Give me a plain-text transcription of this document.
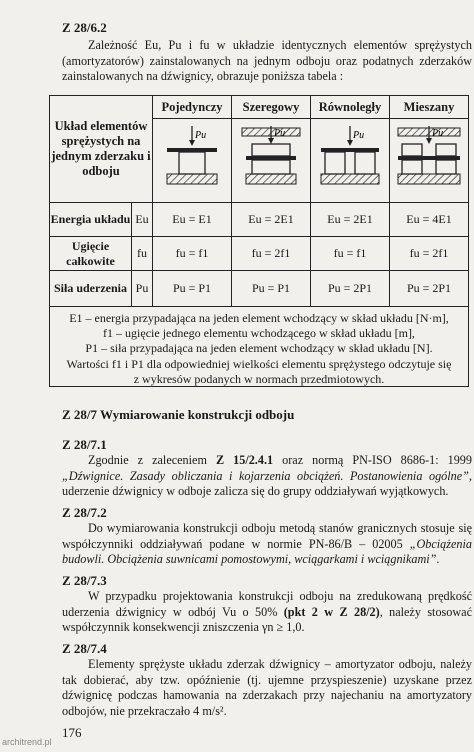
Z 28/6.2
Zależność Eu, Pu i fu w układzie identycznych elementów sprężystych (amortyzatorów) zainstalowanych na jednym odboju oraz podatnych zderzaków zainstalowanych na dźwignicy, obrazuje poniższa tabela :
Układ elementów sprężystych na jednym zderzaku i odboju		Pojedynczy	Szeregowy	Równoległy	Mieszany

Pu	Pu	Pu	Pu

Energia układu	Eu	Eu = E1	Eu = 2E1	Eu = 2E1	Eu = 4E1
Ugięcie całkowite	fu	fu = f1	fu = 2f1	fu = f1	fu = 2f1
Siła uderzenia	Pu	Pu = P1	Pu = P1	Pu = 2P1	Pu = 2P1
E1 – energia przypadająca na jeden element wchodzący w skład układu [N·m],
f1 – ugięcie jednego elementu wchodzącego w skład układu [m],
P1 – siła przypadająca na jeden element wchodzący w skład układu [N].
Wartości f1 i P1 dla odpowiedniej wielkości elementu sprężystego odczytuje się
z wykresów podanych w normach przedmiotowych.
Z 28/7 Wymiarowanie konstrukcji odboju
Z 28/7.1
Zgodnie z zaleceniem Z 15/2.4.1 oraz normą PN-ISO 8686-1: 1999 „Dźwignice. Zasady obliczania i kojarzenia obciążeń. Postanowienia ogólne”, uderzenie dźwignicy w odboje zalicza się do grupy oddziaływań wyjątkowych.
Z 28/7.2
Do wymiarowania konstrukcji odboju metodą stanów granicznych stosuje się współczynniki oddziaływań podane w normie PN-86/B – 02005 „Obciążenia budowli. Obciążenia suwnicami pomostowymi, wciągarkami i wciągnikami”.
Z 28/7.3
W przypadku projektowania konstrukcji odboju na zredukowaną prędkość uderzenia dźwignicy w odbój Vu o 50% (pkt 2 w Z 28/2), należy stosować współczynnik konsekwencji zniszczenia γn ≥ 1,0.
Z 28/7.4
Elementy sprężyste układu zderzak dźwignicy – amortyzator odboju, należy tak dobierać, aby tzw. opóźnienie (tj. ujemne przyspieszenie) uzyskane przez dźwignicę podczas hamowania na zderzakach przy najechaniu na amortyzatory odbojów, nie przekraczało 4 m/s².
176
architrend.pl
